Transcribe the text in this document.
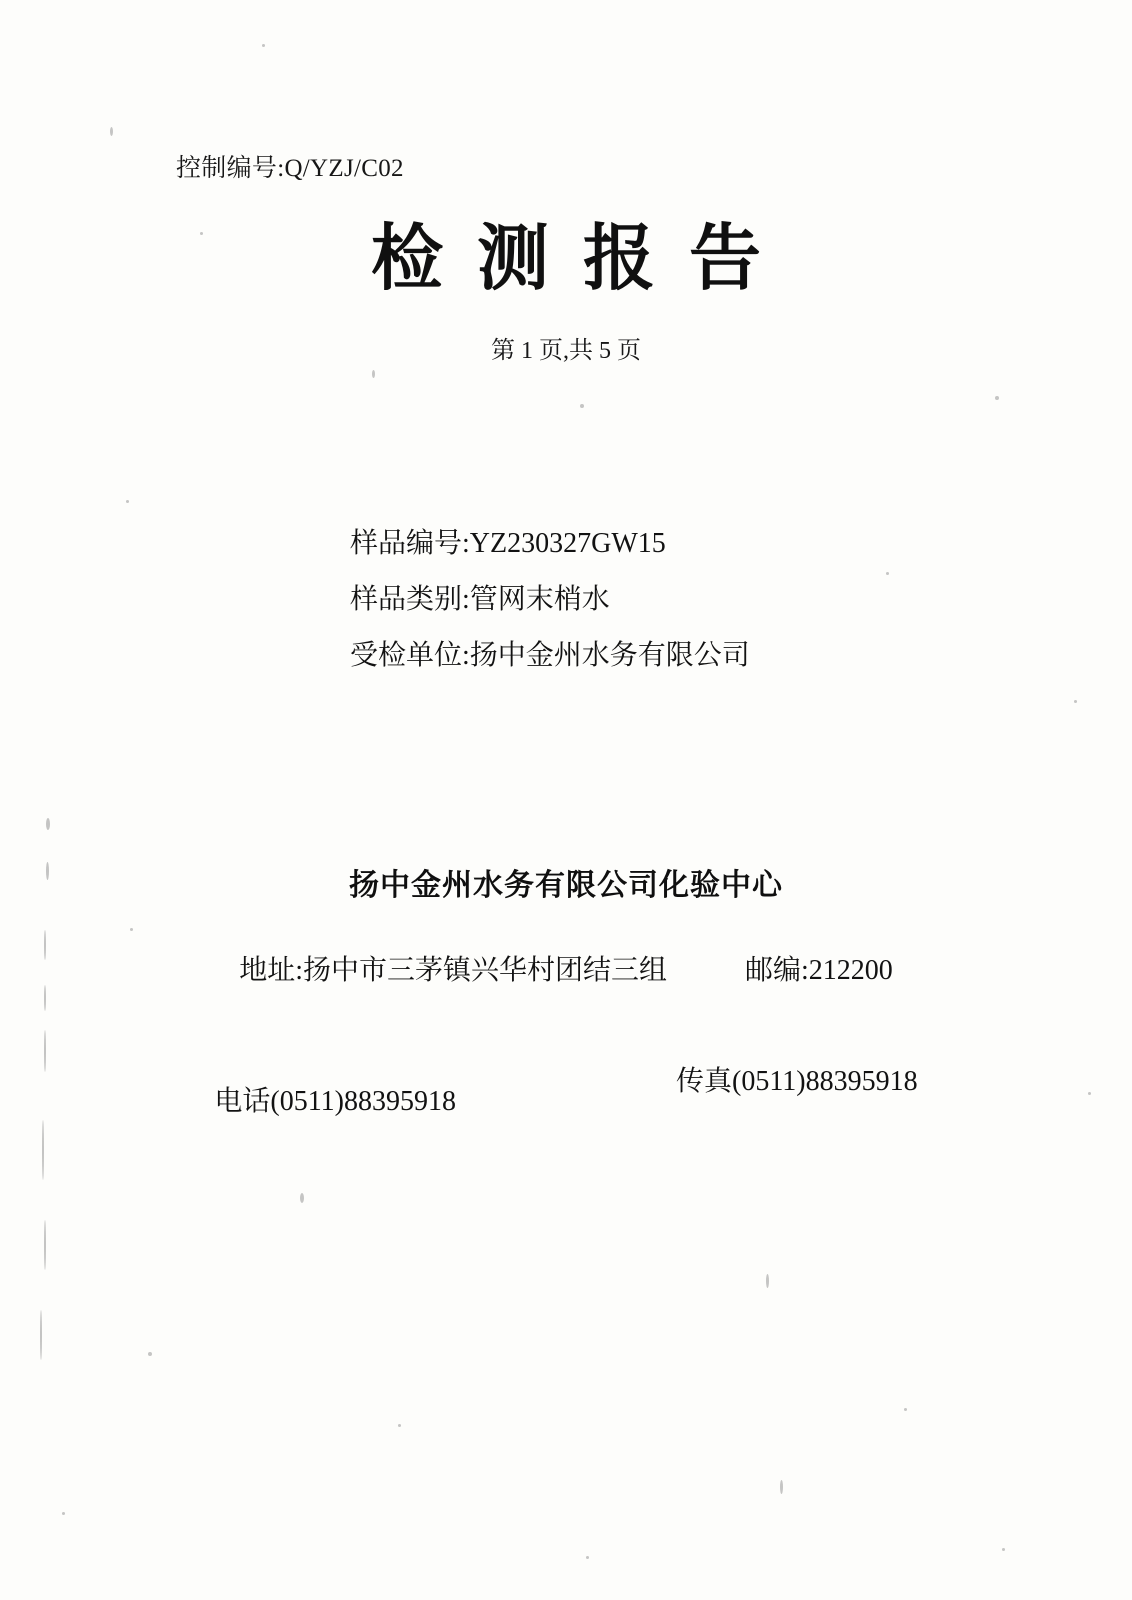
控制编号:Q/YZJ/C02
检测报告
第 1 页,共 5 页
样品编号:YZ230327GW15
样品类别:管网末梢水
受检单位:扬中金州水务有限公司
扬中金州水务有限公司化验中心
地址:扬中市三茅镇兴华村团结三组	邮编:212200
电话(0511)88395918
传真(0511)88395918
